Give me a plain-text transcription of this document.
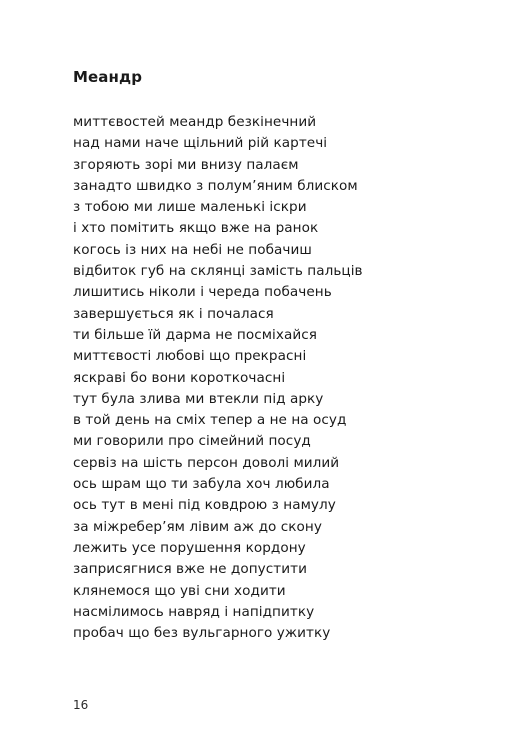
Меандр
миттєвостей меандр безкінечний
над нами наче щільний рій картечі
згоряють зорі ми внизу палаєм
занадто швидко з полум’яним блиском
з тобою ми лише маленькі іскри
і хто помітить якщо вже на ранок
когось із них на небі не побачиш
відбиток губ на склянці замість пальців
лишитись ніколи і череда побачень
завершується як і почалася
ти більше їй дарма не посміхайся
миттєвості любові що прекрасні
яскраві бо вони короткочасні
тут була злива ми втекли під арку
в той день на сміх тепер а не на осуд
ми говорили про сімейний посуд
сервіз на шість персон доволі милий
ось шрам що ти забула хоч любила
ось тут в мені під ковдрою з намулу
за міжребер’ям лівим аж до скону
лежить усе порушення кордону
заприсягнися вже не допустити
клянемося що уві сни ходити
насмілимось навряд і напідпитку
пробач що без вульгарного ужитку
16
